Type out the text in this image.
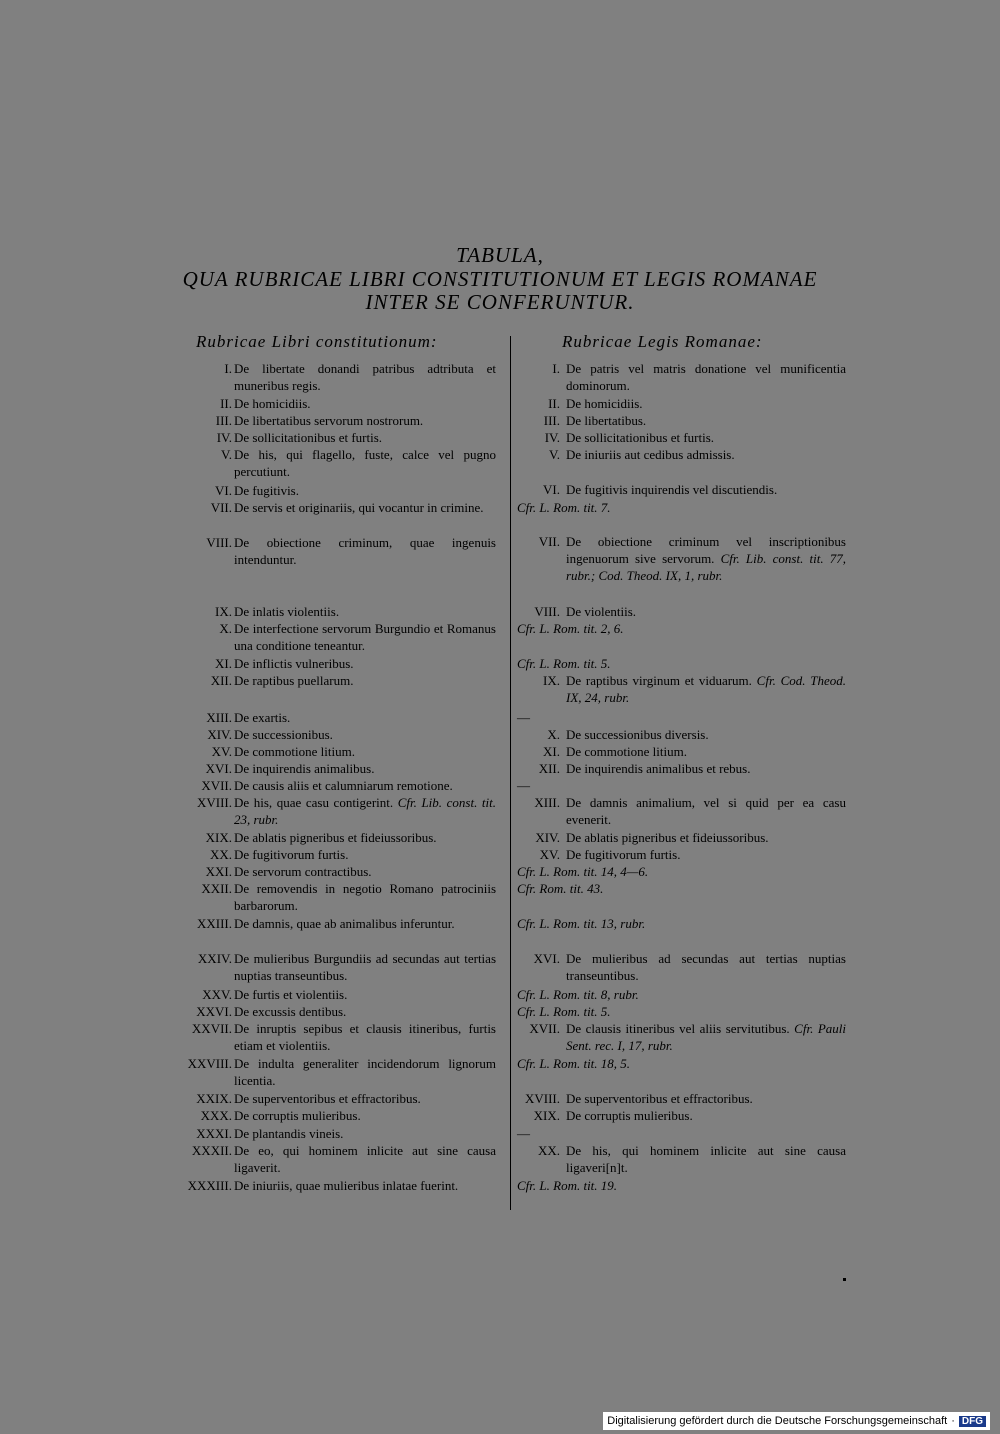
TABULA,
QUA RUBRICAE LIBRI CONSTITUTIONUM ET LEGIS ROMANAE
INTER SE CONFERUNTUR.
Rubricae Libri constitutionum:	Rubricae Legis Romanae:
I. De libertate donandi patribus adtributa et muneribus regis.
II. De homicidiis.
III. De libertatibus servorum nostrorum.
IV. De sollicitationibus et furtis.
V. De his, qui flagello, fuste, calce vel pugno percutiunt.
VI. De fugitivis.
VII. De servis et originariis, qui vocantur in crimine.
VIII. De obiectione criminum, quae ingenuis intenduntur.
IX. De inlatis violentiis.
X. De interfectione servorum Burgundio et Romanus una conditione teneantur.
XI. De inflictis vulneribus.
XII. De raptibus puellarum.
XIII. De exartis.
XIV. De successionibus.
XV. De commotione litium.
XVI. De inquirendis animalibus.
XVII. De causis aliis et calumniarum remotione.
XVIII. De his, quae casu contigerint. Cfr. Lib. const. tit. 23, rubr.
XIX. De ablatis pigneribus et fideiussoribus.
XX. De fugitivorum furtis.
XXI. De servorum contractibus.
XXII. De removendis in negotio Romano patrociniis barbarorum.
XXIII. De damnis, quae ab animalibus inferuntur.
XXIV. De mulieribus Burgundiis ad secundas aut tertias nuptias transeuntibus.
XXV. De furtis et violentiis.
XXVI. De excussis dentibus.
XXVII. De inruptis sepibus et clausis itineribus, furtis etiam et violentiis.
XXVIII. De indulta generaliter incidendorum lignorum licentia.
XXIX. De superventoribus et effractoribus.
XXX. De corruptis mulieribus.
XXXI. De plantandis vineis.
XXXII. De eo, qui hominem inlicite aut sine causa ligaverit.
XXXIII. De iniuriis, quae mulieribus inlatae fuerint.
I. De patris vel matris donatione vel munificentia dominorum.
II. De homicidiis.
III. De libertatibus.
IV. De sollicitationibus et furtis.
V. De iniuriis aut cedibus admissis.
VI. De fugitivis inquirendis vel discutiendis.
Cfr. L. Rom. tit. 7.
VII. De obiectione criminum vel inscriptionibus ingenuorum sive servorum. Cfr. Lib. const. tit. 77, rubr.; Cod. Theod. IX, 1, rubr.
VIII. De violentiis.
Cfr. L. Rom. tit. 2, 6.
Cfr. L. Rom. tit. 5.
IX. De raptibus virginum et viduarum. Cfr. Cod. Theod. IX, 24, rubr.
—
X. De successionibus diversis.
XI. De commotione litium.
XII. De inquirendis animalibus et rebus.
—
XIII. De damnis animalium, vel si quid per ea casu evenerit.
XIV. De ablatis pigneribus et fideiussoribus.
XV. De fugitivorum furtis.
Cfr. L. Rom. tit. 14, 4—6.
Cfr. Rom. tit. 43.
Cfr. L. Rom. tit. 13, rubr.
XVI. De mulieribus ad secundas aut tertias nuptias transeuntibus.
Cfr. L. Rom. tit. 8, rubr.
Cfr. L. Rom. tit. 5.
XVII. De clausis itineribus vel aliis servitutibus. Cfr. Pauli Sent. rec. I, 17, rubr.
Cfr. L. Rom. tit. 18, 5.
XVIII. De superventoribus et effractoribus.
XIX. De corruptis mulieribus.
—
XX. De his, qui hominem inlicite aut sine causa ligaveri[n]t.
Cfr. L. Rom. tit. 19.
Digitalisierung gefördert durch die Deutsche Forschungsgemeinschaft · DFG
